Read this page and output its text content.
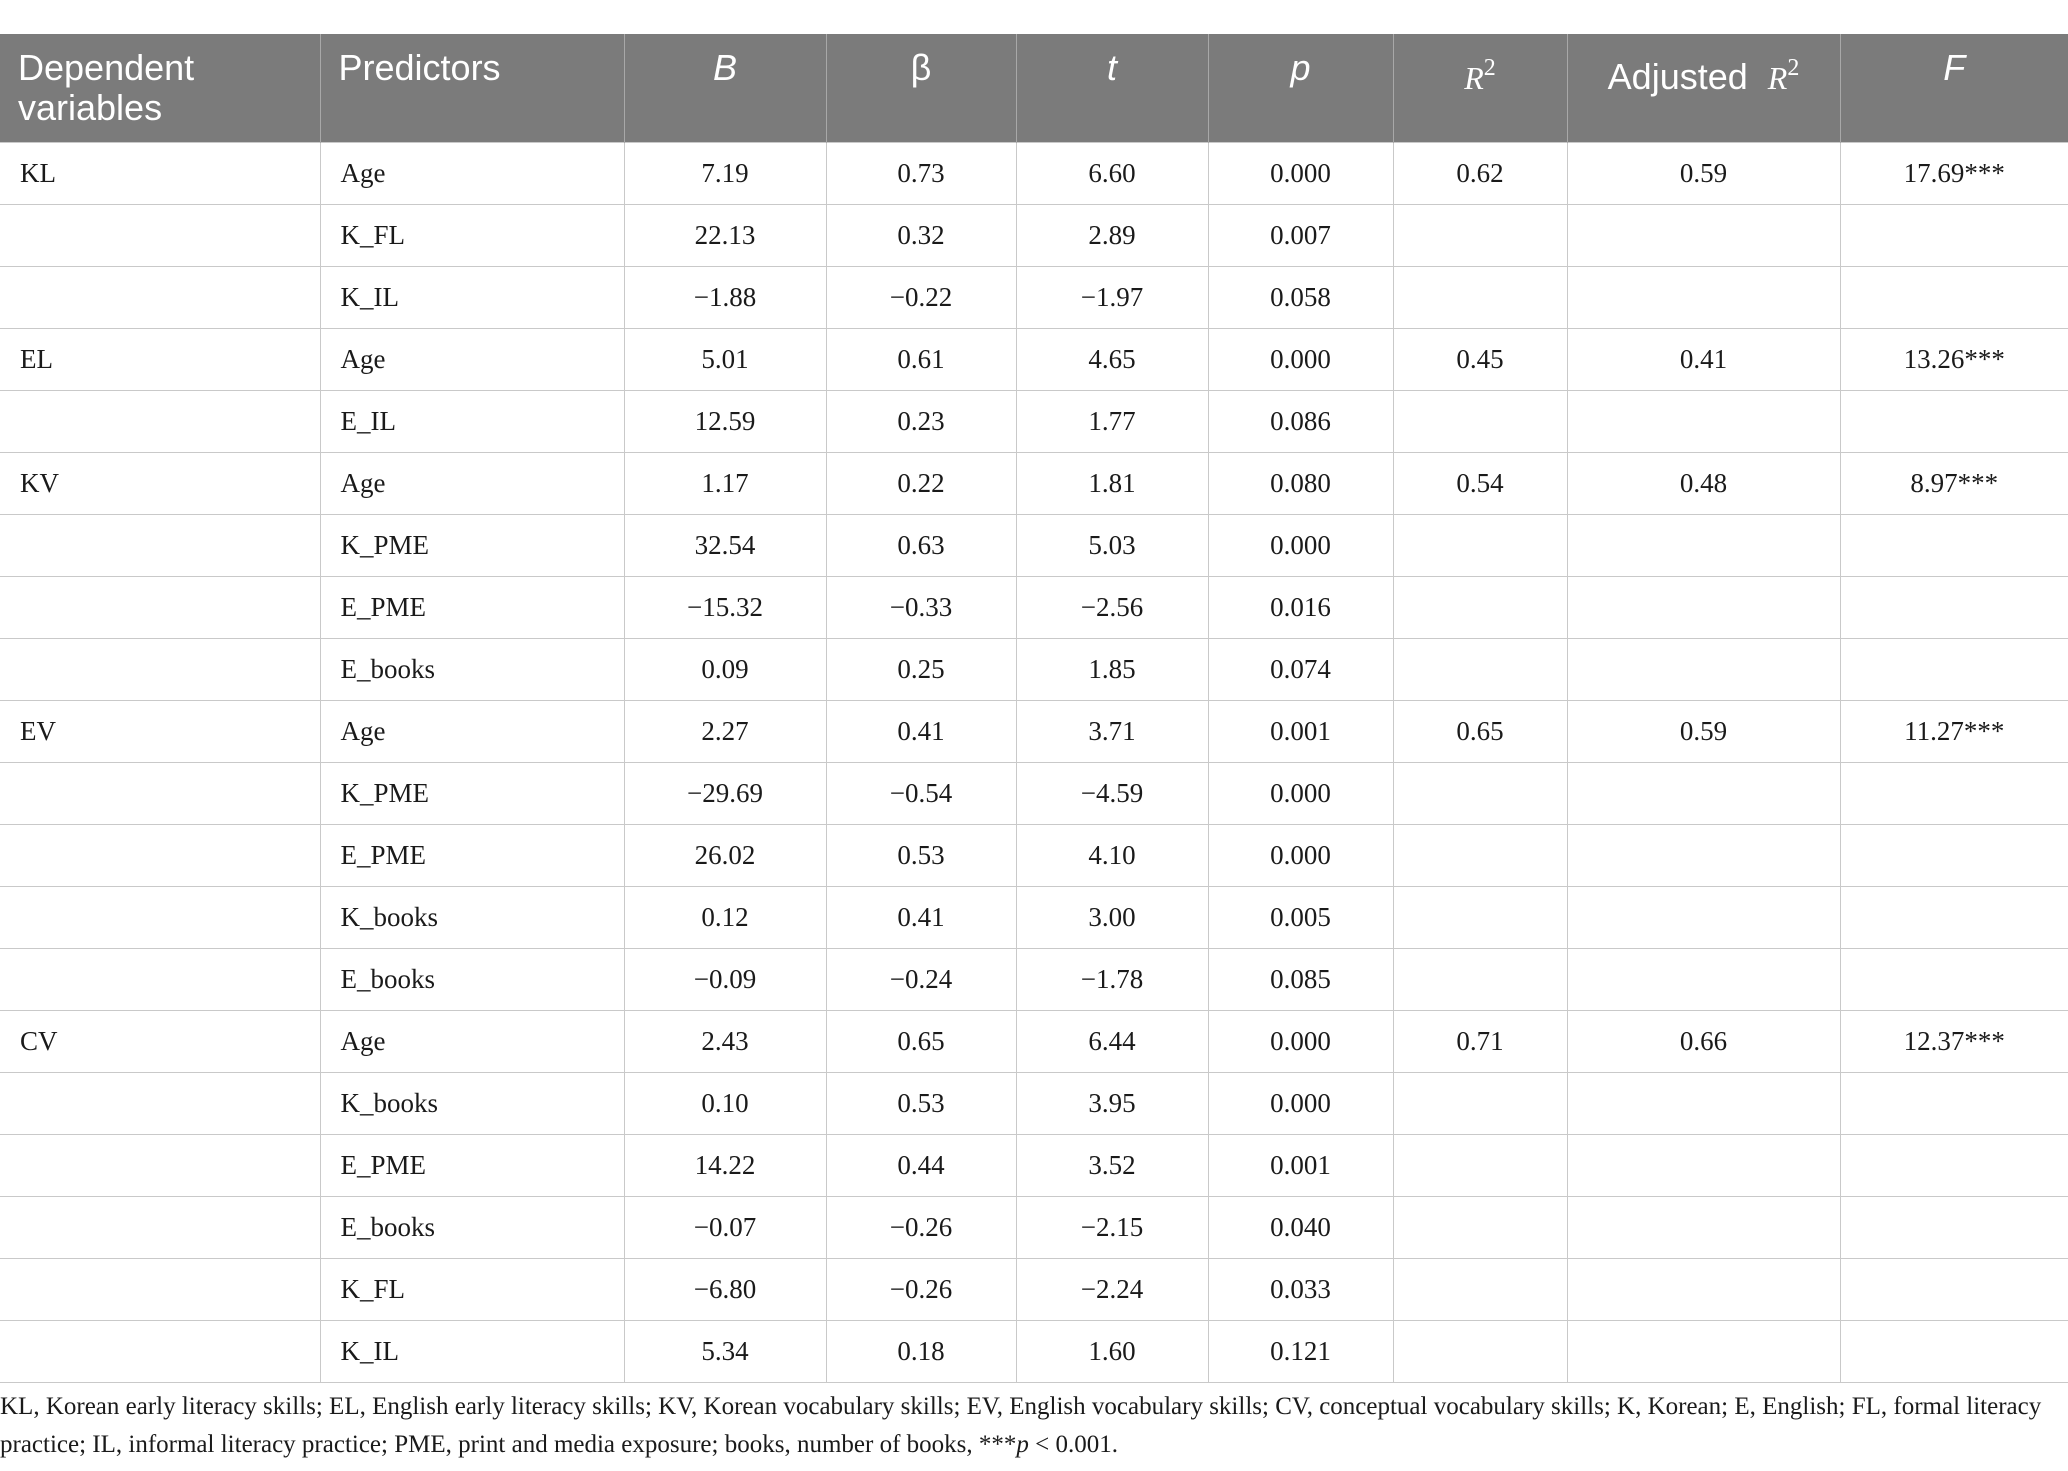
Dependent variables	Predictors	B	β	t	p	$R^2$	Adjusted $R^2$	F
KL	Age	7.19	0.73	6.60	0.000	0.62	0.59	17.69***
	K_FL	22.13	0.32	2.89	0.007			
	K_IL	−1.88	−0.22	−1.97	0.058			
EL	Age	5.01	0.61	4.65	0.000	0.45	0.41	13.26***
	E_IL	12.59	0.23	1.77	0.086			
KV	Age	1.17	0.22	1.81	0.080	0.54	0.48	8.97***
	K_PME	32.54	0.63	5.03	0.000			
	E_PME	−15.32	−0.33	−2.56	0.016			
	E_books	0.09	0.25	1.85	0.074			
EV	Age	2.27	0.41	3.71	0.001	0.65	0.59	11.27***
	K_PME	−29.69	−0.54	−4.59	0.000			
	E_PME	26.02	0.53	4.10	0.000			
	K_books	0.12	0.41	3.00	0.005			
	E_books	−0.09	−0.24	−1.78	0.085			
CV	Age	2.43	0.65	6.44	0.000	0.71	0.66	12.37***
	K_books	0.10	0.53	3.95	0.000			
	E_PME	14.22	0.44	3.52	0.001			
	E_books	−0.07	−0.26	−2.15	0.040			
	K_FL	−6.80	−0.26	−2.24	0.033			
	K_IL	5.34	0.18	1.60	0.121			
KL, Korean early literacy skills; EL, English early literacy skills; KV, Korean vocabulary skills; EV, English vocabulary skills; CV, conceptual vocabulary skills; K, Korean; E, English; FL, formal literacy practice; IL, informal literacy practice; PME, print and media exposure; books, number of books, ***p < 0.001.
